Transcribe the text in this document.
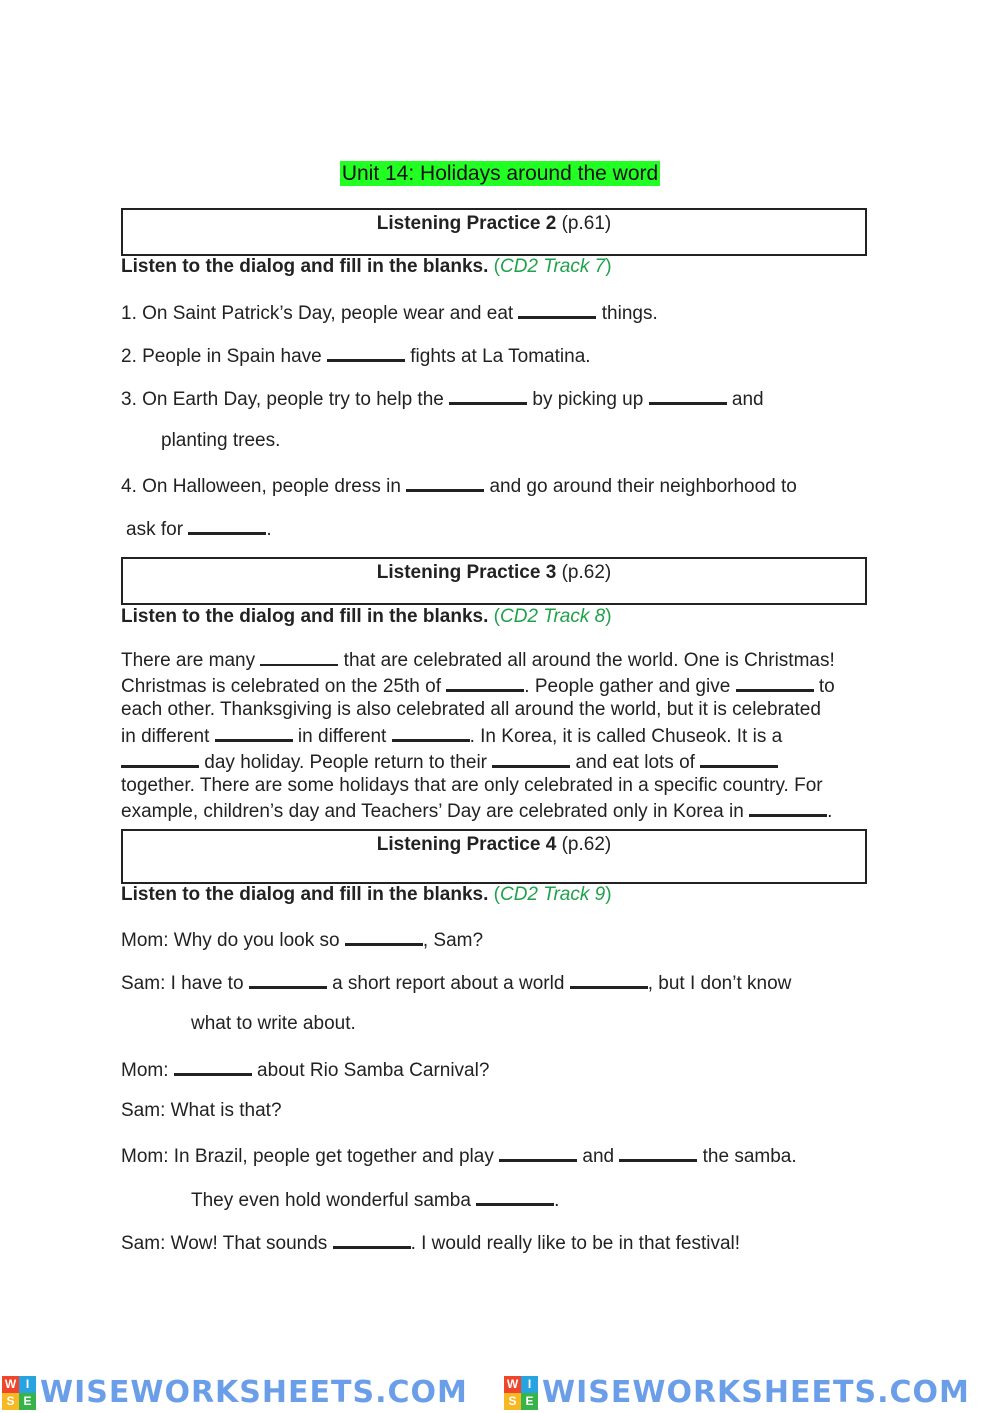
Unit 14: Holidays around the word
Listening Practice 2 (p.61)
Listen to the dialog and fill in the blanks. (CD2 Track 7)
1. On Saint Patrick’s Day, people wear and eat	things.
2. People in Spain have	fights at La Tomatina.
3. On Earth Day, people try to help the	by picking up	and
planting trees.
4. On Halloween, people dress in	and go around their neighborhood to
ask for	.
Listening Practice 3 (p.62)
Listen to the dialog and fill in the blanks. (CD2 Track 8)
There are many	that are celebrated all around the world. One is Christmas!
Christmas is celebrated on the 25th of	. People gather and give	to
each other. Thanksgiving is also celebrated all around the world, but it is celebrated
in different	in different	. In Korea, it is called Chuseok. It is a
day holiday. People return to their	and eat lots of
together. There are some holidays that are only celebrated in a specific country. For
example, children’s day and Teachers’ Day are celebrated only in Korea in	.
Listening Practice 4 (p.62)
Listen to the dialog and fill in the blanks. (CD2 Track 9)
Mom: Why do you look so	, Sam?
Sam: I have to	a short report about a world	, but I don’t know
what to write about.
Mom:	about Rio Samba Carnival?
Sam: What is that?
Mom: In Brazil, people get together and play	and	the samba.
They even hold wonderful samba	.
Sam: Wow! That sounds	. I would really like to be in that festival!
W I
S E WISEWORKSHEETS.COM	W I
S E WISEWORKSHEETS.COM
